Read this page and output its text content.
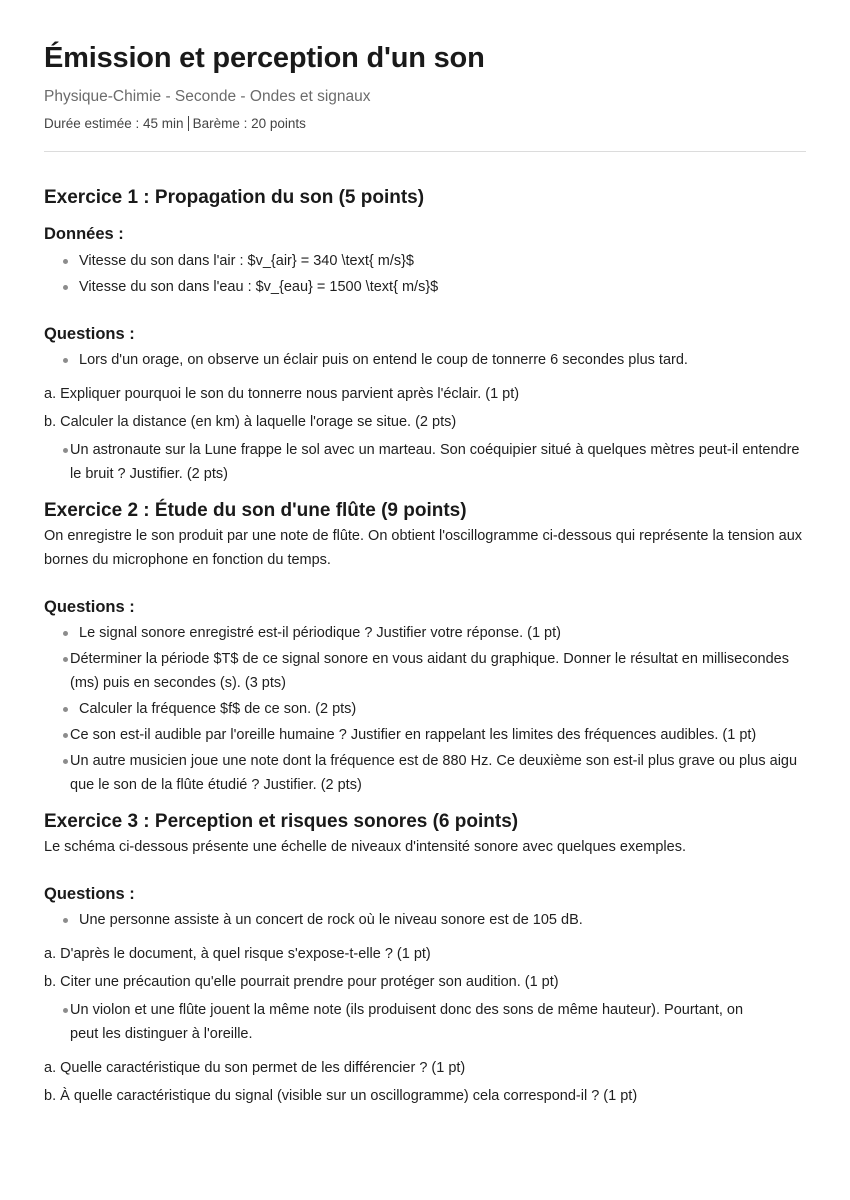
Émission et perception d'un son
Physique-Chimie - Seconde - Ondes et signaux
Durée estimée : 45 min Barème : 20 points
Exercice 1 : Propagation du son (5 points)
Données :
Vitesse du son dans l'air : $v_{air} = 340 \text{ m/s}$
Vitesse du son dans l'eau : $v_{eau} = 1500 \text{ m/s}$
Questions :
Lors d'un orage, on observe un éclair puis on entend le coup de tonnerre 6 secondes plus tard.
a. Expliquer pourquoi le son du tonnerre nous parvient après l'éclair. (1 pt)
b. Calculer la distance (en km) à laquelle l'orage se situe. (2 pts)
Un astronaute sur la Lune frappe le sol avec un marteau. Son coéquipier situé à quelques mètres peut-il entendre le bruit ? Justifier. (2 pts)
Exercice 2 : Étude du son d'une flûte (9 points)

On enregistre le son produit par une note de flûte. On obtient l'oscillogramme ci-dessous qui représente la tension aux bornes du microphone en fonction du temps.

Questions :
Le signal sonore enregistré est-il périodique ? Justifier votre réponse. (1 pt)
Déterminer la période $T$ de ce signal sonore en vous aidant du graphique. Donner le résultat en millisecondes (ms) puis en secondes (s). (3 pts)
Calculer la fréquence $f$ de ce son. (2 pts)
Ce son est-il audible par l'oreille humaine ? Justifier en rappelant les limites des fréquences audibles. (1 pt)
Un autre musicien joue une note dont la fréquence est de 880 Hz. Ce deuxième son est-il plus grave ou plus aigu que le son de la flûte étudié ? Justifier. (2 pts)
Exercice 3 : Perception et risques sonores (6 points)

Le schéma ci-dessous présente une échelle de niveaux d'intensité sonore avec quelques exemples.

Questions :
Une personne assiste à un concert de rock où le niveau sonore est de 105 dB.
a. D'après le document, à quel risque s'expose-t-elle ? (1 pt)
b. Citer une précaution qu'elle pourrait prendre pour protéger son audition. (1 pt)
Un violon et une flûte jouent la même note (ils produisent donc des sons de même hauteur). Pourtant, on
peut les distinguer à l'oreille.
a. Quelle caractéristique du son permet de les différencier ? (1 pt)
b. À quelle caractéristique du signal (visible sur un oscillogramme) cela correspond-il ? (1 pt)
